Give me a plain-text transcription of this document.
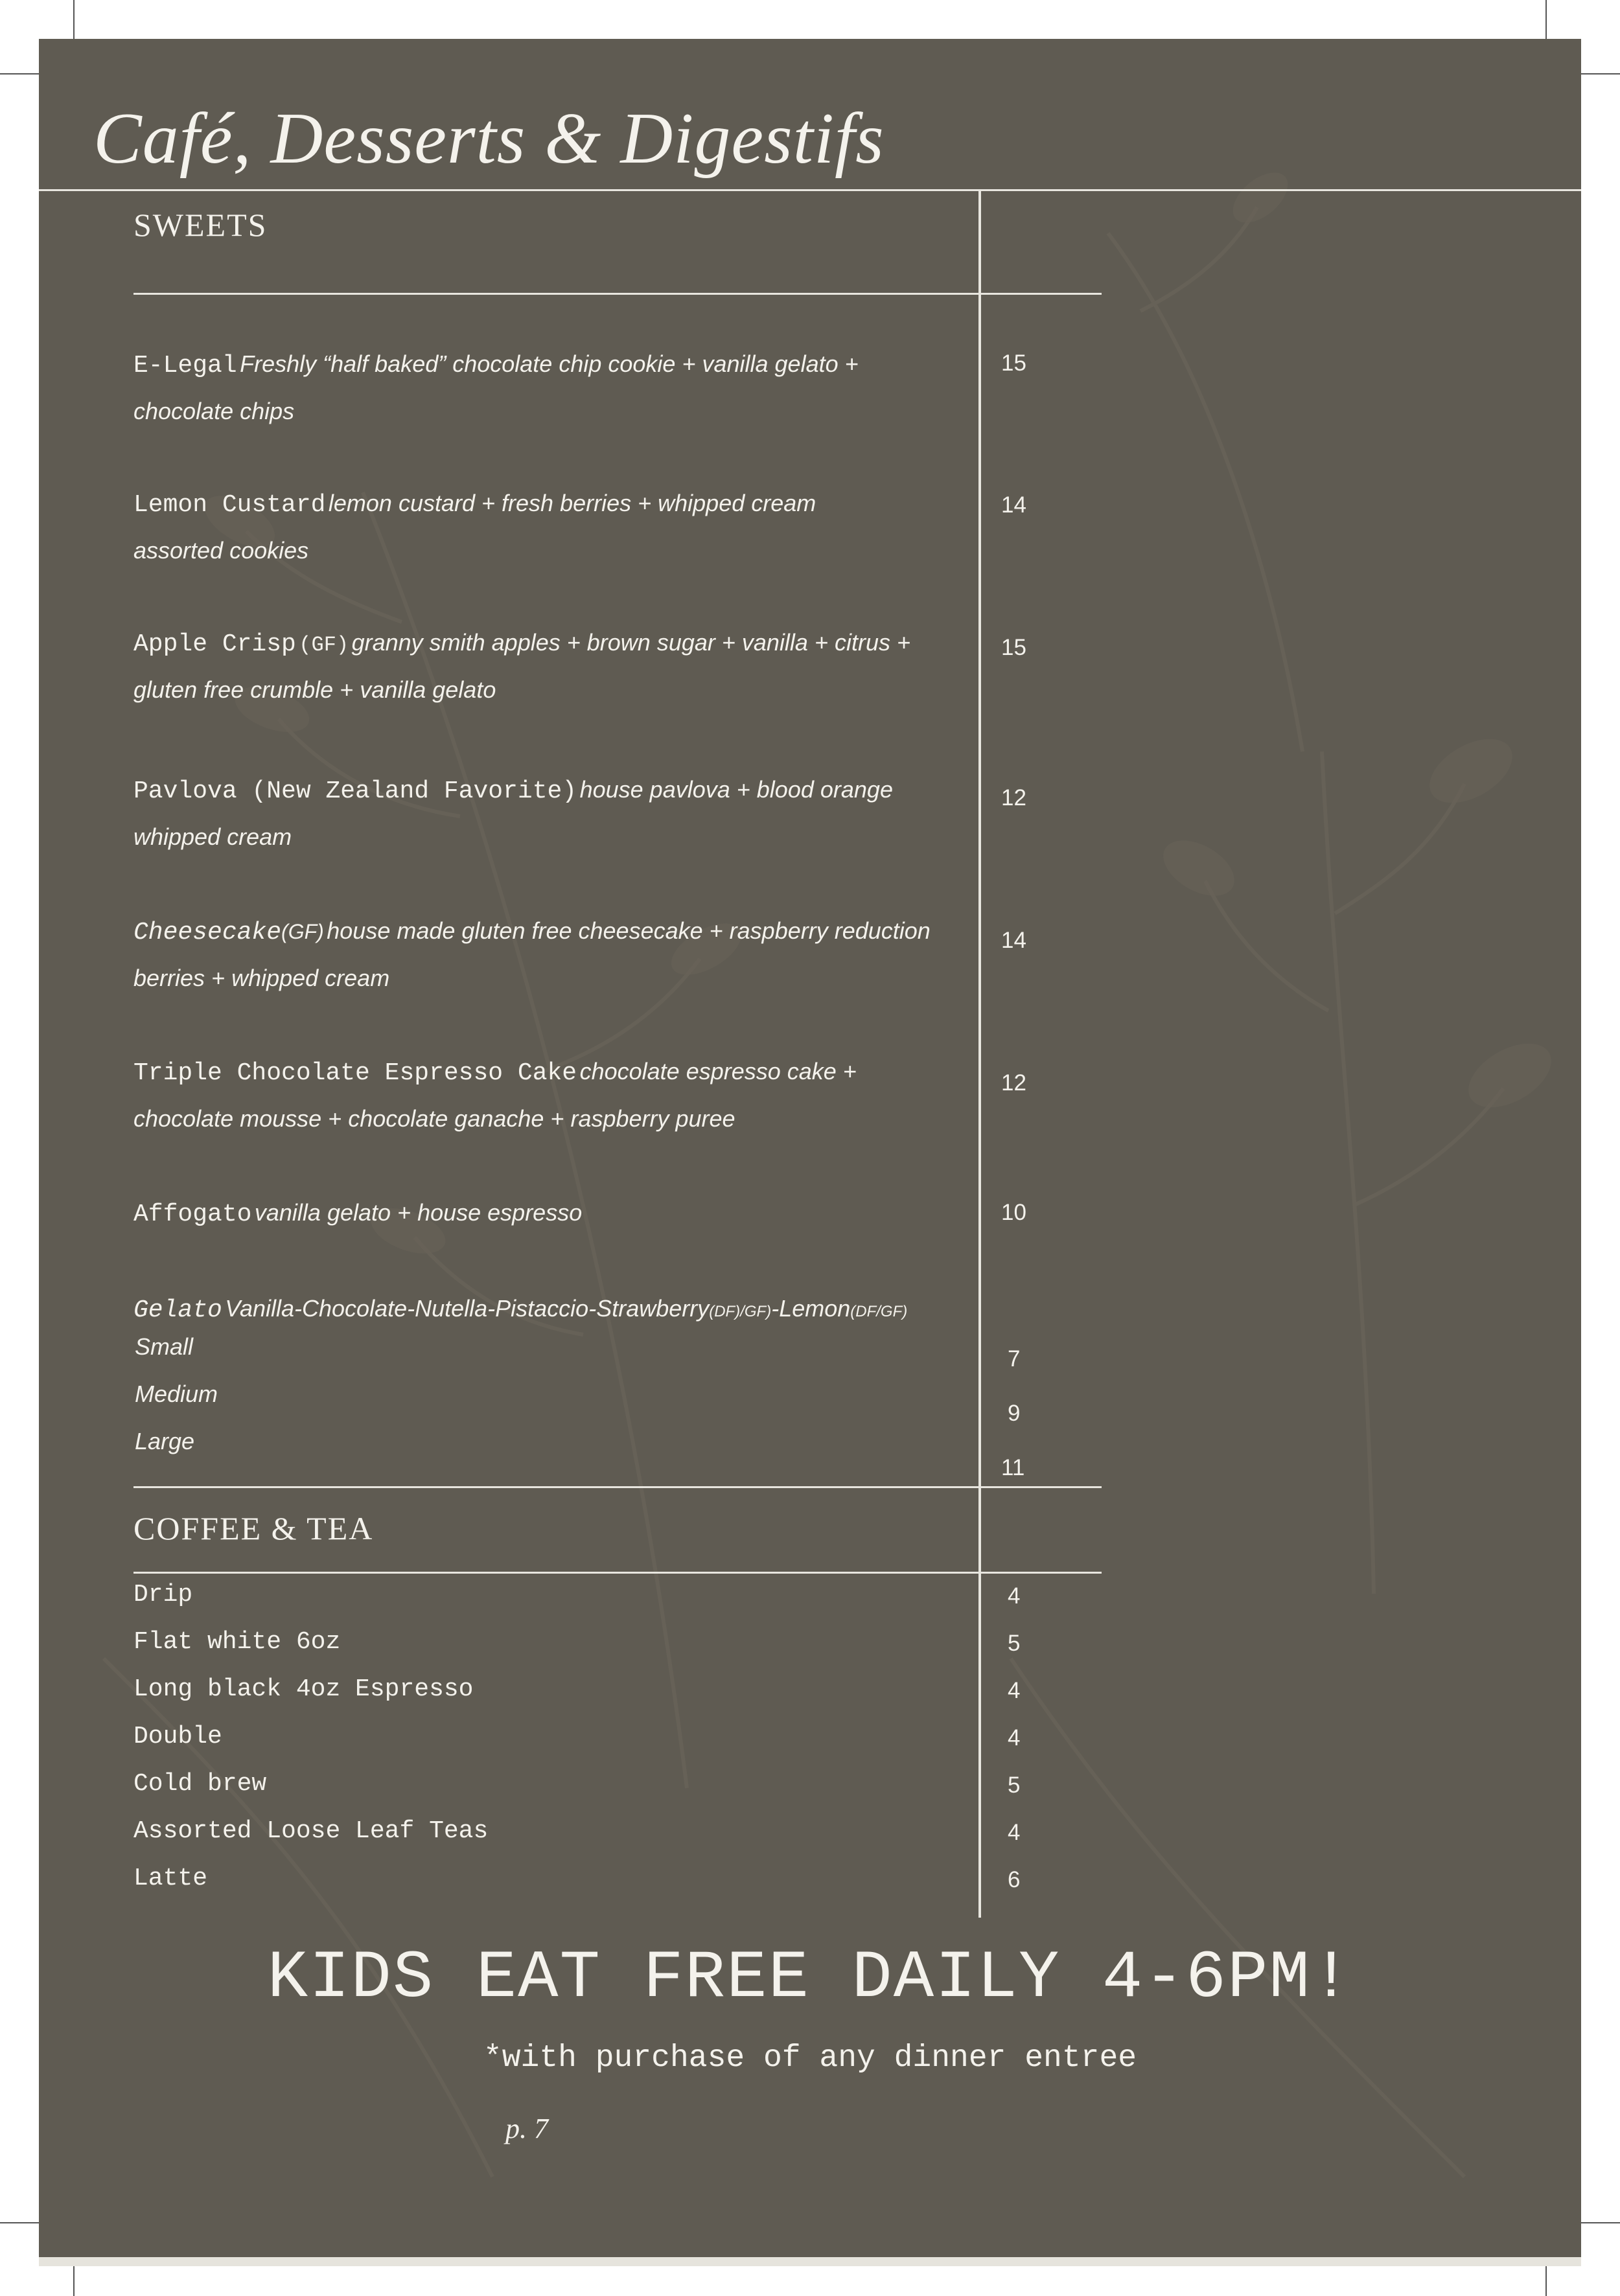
Café, Desserts & Digestifs
SWEETS
E-Legal Freshly “half baked” chocolate chip cookie + vanilla gelato +
chocolate chips
15
Lemon Custard lemon custard + fresh berries + whipped cream
assorted cookies
14
Apple Crisp (GF) granny smith apples + brown sugar + vanilla + citrus +
gluten free crumble + vanilla gelato
15
Pavlova (New Zealand Favorite) house pavlova + blood orange
whipped cream
12
Cheesecake(GF) house made gluten free cheesecake + raspberry reduction
berries + whipped cream
14
Triple Chocolate Espresso Cake chocolate espresso cake +
chocolate mousse + chocolate ganache + raspberry puree
12
Affogato vanilla gelato + house espresso	10
Gelato Vanilla-Chocolate-Nutella-Pistaccio-Strawberry(DF)/GF)-Lemon(DF/GF)
Small
Medium
Large
7
9
11
COFFEE & TEA
Drip
Flat white 6oz
Long black 4oz Espresso
Double
Cold brew
Assorted Loose Leaf Teas
Latte
4
5
4
4
5
4
6
KIDS EAT FREE DAILY 4-6PM!
*with purchase of any dinner entree
p. 7
